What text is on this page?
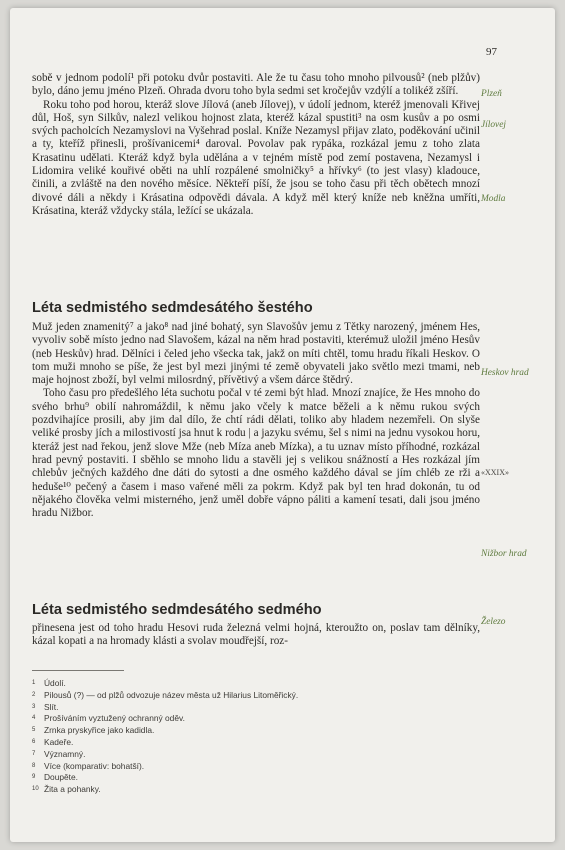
97

sobě v jednom podolí¹ při potoku dvůr postaviti. Ale že tu času toho mnoho pilvousů² (neb plžův) bylo, dáno jemu jméno Plzeň. Ohrada dvoru toho byla sedmi set kročejův vzdýlí a tolikéž zšíří.

Roku toho pod horou, kteráž slove Jílová (aneb Jílovej), v údolí jednom, kteréž jmenovali Křivej důl, Hoš, syn Silkův, nalezl velikou hojnost zlata, kteréž kázal spustiti³ na osm kusův a po osmi svých pacholcích Nezamyslovi na Vyšehrad poslal. Kníže Nezamysl přijav zlato, poděkování učinil a ty, kteříž přinesli, prošívanicemi⁴ daroval. Povolav pak rypáka, rozkázal jemu z toho zlata Krasatinu udělati. Kteráž když byla udělána a v tejném místě pod zemí postavena, Nezamysl i Lidomira veliké kouřivé oběti na uhlí rozpálené smolničky⁵ a hřívky⁶ (to jest vlasy) kladouce, činili, a zvláště na den nového měsíce. Někteří píší, že jsou se toho času při těch obětech mnozí divové dáli a někdy i Krásatina odpovědi dávala. A když měl který kníže neb kněžna umříti, Krásatina, kteráž vždycky stála, ležící se ukázala.

Léta sedmistého sedmdesátého šestého

Muž jeden znamenitý⁷ a jako⁸ nad jiné bohatý, syn Slavošův jemu z Tětky narozený, jménem Hes, vyvoliv sobě místo jedno nad Slavošem, kázal na něm hrad postaviti, kterémuž uložil jméno Hesův (neb Heskův) hrad. Dělníci i čeled jeho všecka tak, jakž on míti chtěl, tomu hradu říkali Heskov. O tom muži mnoho se píše, že jest byl mezi jinými té země obyvateli jako světlo mezi tmami, neb maje hojnost zboží, byl velmi milosrdný, přívětivý a všem dárce štědrý.

Toho času pro předešlého léta suchotu počal v té zemi být hlad. Mnozí znajíce, že Hes mnoho do svého brhu⁹ obilí nahromáždil, k němu jako včely k matce běželi a k němu rukou svých pozdvihajíce prosili, aby jim dal dílo, že chtí rádi dělati, toliko aby hladem nezemřeli. On slyše veliké prosby jích a milostivostí jsa hnut k rodu | a jazyku svému, šel s nimi na jednu vysokou horu, kteráž jest nad řekou, jenž slove Mže (neb Míza aneb Mízka), a tu uznav místo příhodné, rozkázal hrad pevný postaviti. I sběhlo se mnoho lidu a stavěli jej s velikou snážností a Hes rozkázal jím chlebův ječných každého dne dáti do sytosti a dne osmého každého dával se jím chléb ze rži a heduše¹⁰ pečený a časem i maso vařené měli za pokrm. Když pak byl ten hrad dokonán, tu od nějakého člověka velmi misterného, jenž uměl dobře vápno páliti a kamení tesati, dali jsou jméno hradu Nižbor.

Léta sedmistého sedmdesátého sedmého

přinesena jest od toho hradu Hesovi ruda železná velmi hojná, kteroužto on, poslav tam dělníky, kázal kopati a na hromady klásti a svolav moudřejší, roz-

Plzeň
Jílovej
Modla
Heskov hrad
«XXIX»
Nižbor hrad
Železo
1 Údolí.
2 Pilousů (?) — od plžů odvozuje název města už Hilarius Litoměřický.
3 Slít.
4 Prošíváním vyztužený ochranný oděv.
5 Zrnka pryskyřice jako kadidla.
6 Kadeře.
7 Významný.
8 Více (komparativ: bohatší).
9 Doupěte.
10 Žita a pohanky.
